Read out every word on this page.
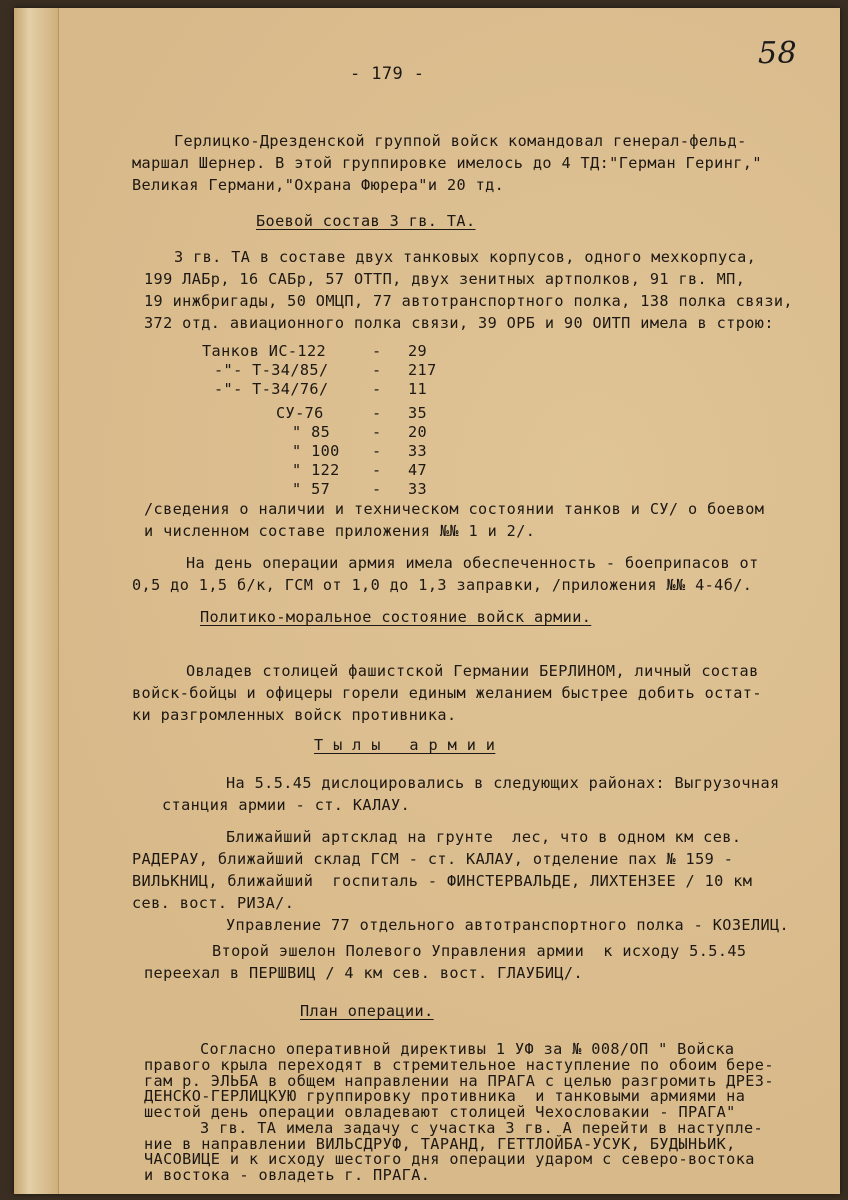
58
- 179 -
Герлицко-Дрезденской группой войск командовал генерал-фельд-
маршал Шернер. В этой группировке имелось до 4 ТД:"Герман Геринг,"
Великая Германи,"Охрана Фюрера"и 20 тд.
Боевой состав 3 гв. ТА.
3 гв. ТА в составе двух танковых корпусов, одного мехкорпуса,
199 ЛАБр, 16 САБр, 57 ОТТП, двух зенитных артполков, 91 гв. МП,
19 инжбригады, 50 ОМЦП, 77 автотранспортного полка, 138 полка связи,
372 отд. авиационного полка связи, 39 ОРБ и 90 ОИТП имела в строю:
Танков ИС-122	- 29
-"- Т-34/85/	- 217
-"- Т-34/76/	- 11
СУ-76	- 35
" 85	- 20
" 100 - 33
" 122 - 47
" 57	- 33
/сведения о наличии и техническом состоянии танков и СУ/ о боевом
и численном составе приложения №№ 1 и 2/.
На день операции армия имела обеспеченность - боеприпасов от
0,5 до 1,5 б/к, ГСМ от 1,0 до 1,3 заправки, /приложения №№ 4-4б/.
Политико-моральное состояние войск армии.
Овладев столицей фашистской Германии БЕРЛИНОМ, личный состав
войск-бойцы и офицеры горели единым желанием быстрее добить остат-
ки разгромленных войск противника.
Т ы л ы   а р м и и
На 5.5.45 дислоцировались в следующих районах: Выгрузочная
станция армии - ст. КАЛАУ.
Ближайший артсклад на грунте  лес, что в одном км сев.
РАДЕРАУ, ближайший склад ГСМ - ст. КАЛАУ, отделение пах № 159 -
ВИЛЬКНИЦ, ближайший  госпиталь - ФИНСТЕРВАЛЬДЕ, ЛИХТЕНЗЕЕ / 10 км
сев. вост. РИЗА/.
Управление 77 отдельного автотранспортного полка - КОЗЕЛИЦ.
Второй эшелон Полевого Управления армии  к исходу 5.5.45
переехал в ПЕРШВИЦ / 4 км сев. вост. ГЛАУБИЦ/.
План операции.
Согласно оперативной директивы 1 УФ за № 008/ОП " Войска
правого крыла переходят в стремительное наступление по обоим бере-
гам р. ЭЛЬБА в общем направлении на ПРАГА с целью разгромить ДРЕЗ-
ДЕНСКО-ГЕРЛИЦКУЮ группировку противника  и танковыми армиями на
шестой день операции овладевают столицей Чехословакии - ПРАГА"
3 гв. ТА имела задачу с участка 3 гв. А перейти в наступле-
ние в направлении ВИЛЬСДРУФ, ТАРАНД, ГЕТТЛОЙБА-УСУК, БУДЫНЬИК,
ЧАСОВИЦЕ и к исходу шестого дня операции ударом с северо-востока
и востока - овладеть г. ПРАГА.
